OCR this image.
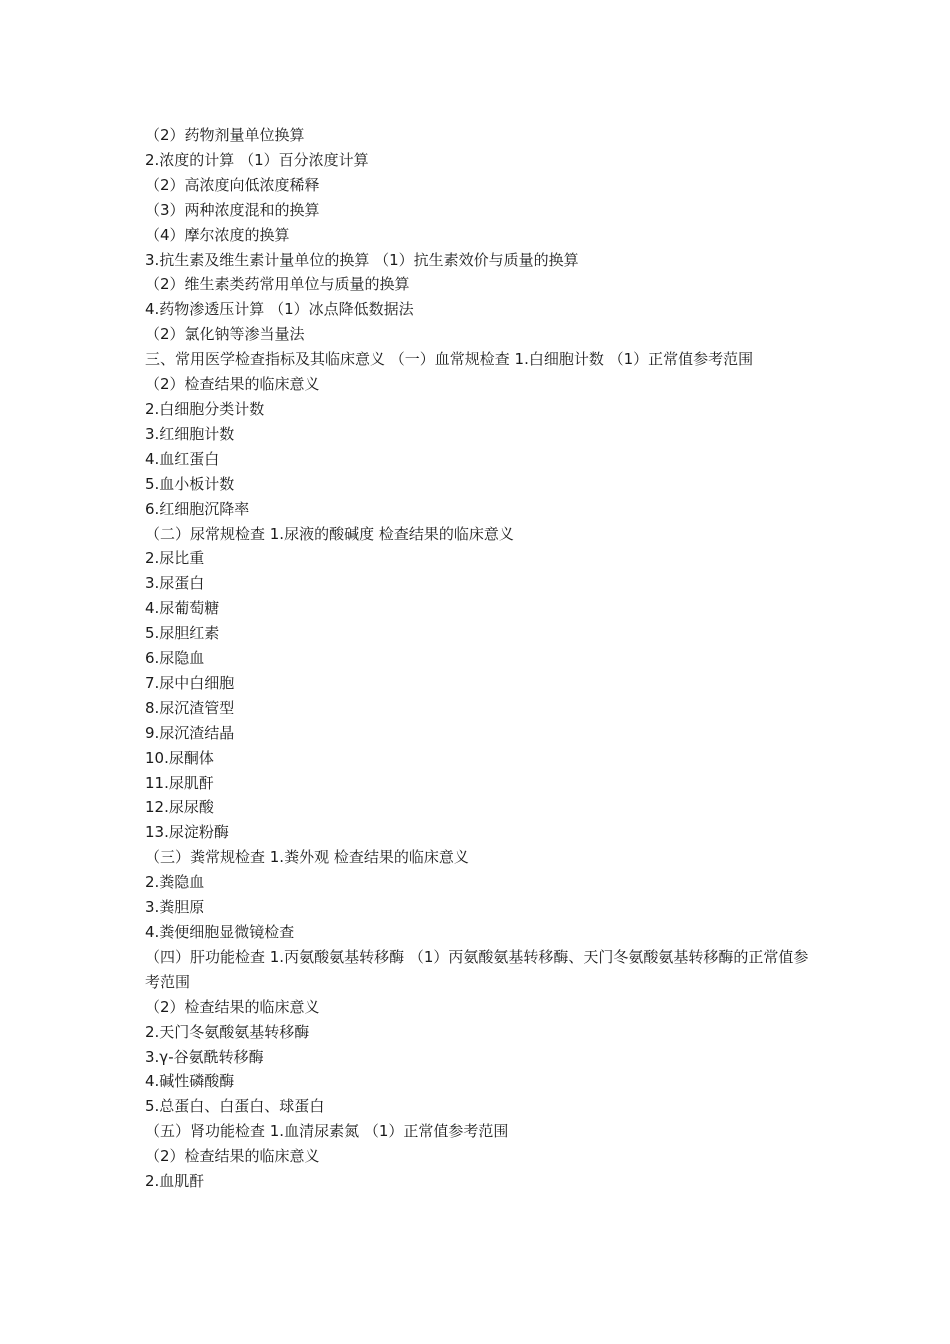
（2）药物剂量单位换算

2.浓度的计算 （1）百分浓度计算

（2）高浓度向低浓度稀释

（3）两种浓度混和的换算

（4）摩尔浓度的换算

3.抗生素及维生素计量单位的换算 （1）抗生素效价与质量的换算

（2）维生素类药常用单位与质量的换算

4.药物渗透压计算 （1）冰点降低数据法

（2）氯化钠等渗当量法

三、常用医学检查指标及其临床意义 （一）血常规检查 1.白细胞计数 （1）正常值参考范围

（2）检查结果的临床意义

2.白细胞分类计数

3.红细胞计数

4.血红蛋白

5.血小板计数

6.红细胞沉降率

（二）尿常规检查 1.尿液的酸碱度 检查结果的临床意义

2.尿比重

3.尿蛋白

4.尿葡萄糖

5.尿胆红素

6.尿隐血

7.尿中白细胞

8.尿沉渣管型

9.尿沉渣结晶

10.尿酮体

11.尿肌酐

12.尿尿酸

13.尿淀粉酶

（三）粪常规检查 1.粪外观 检查结果的临床意义

2.粪隐血

3.粪胆原

4.粪便细胞显微镜检查

（四）肝功能检查 1.丙氨酸氨基转移酶 （1）丙氨酸氨基转移酶、天门冬氨酸氨基转移酶的正常值参考范围

（2）检查结果的临床意义

2.天门冬氨酸氨基转移酶

3.γ-谷氨酰转移酶

4.碱性磷酸酶

5.总蛋白、白蛋白、球蛋白

（五）肾功能检查 1.血清尿素氮 （1）正常值参考范围

（2）检查结果的临床意义

2.血肌酐
